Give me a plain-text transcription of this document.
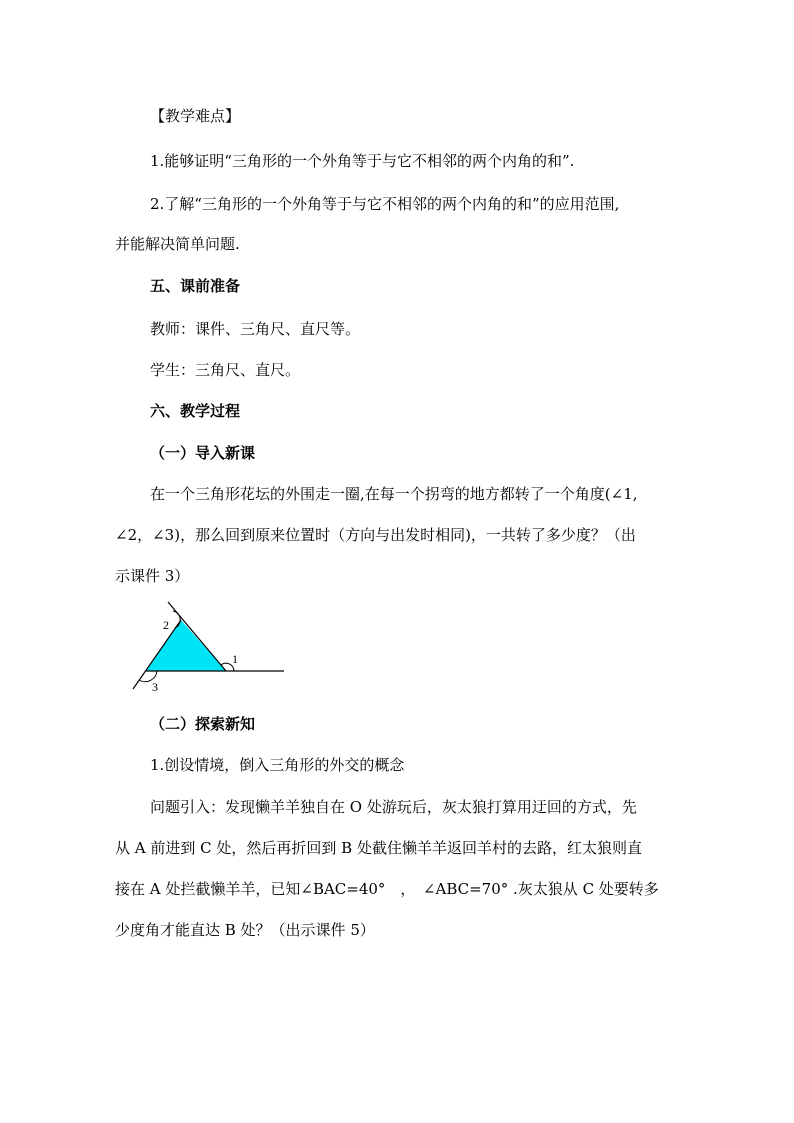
【教学难点】
1.能够证明“三角形的一个外角等于与它不相邻的两个内角的和”.
2.了解“三角形的一个外角等于与它不相邻的两个内角的和”的应用范围,
并能解决简单问题.
五、课前准备
教师：课件、三角尺、直尺等。
学生：三角尺、直尺。
六、教学过程
（一）导入新课
在一个三角形花坛的外围走一圈,在每一个拐弯的地方都转了一个角度(∠1,
∠2，∠3)，那么回到原来位置时（方向与出发时相同)，一共转了多少度？（出
示课件 3）
1
2
3
（二）探索新知
1.创设情境，倒入三角形的外交的概念
问题引入：发现懒羊羊独自在 O 处游玩后，灰太狼打算用迂回的方式，先
从 A 前进到 C 处，然后再折回到 B 处截住懒羊羊返回羊村的去路，红太狼则直
接在 A 处拦截懒羊羊，已知∠BAC=40°　，　∠ABC=70° .灰太狼从 C 处要转多
少度角才能直达 B 处？（出示课件 5）
